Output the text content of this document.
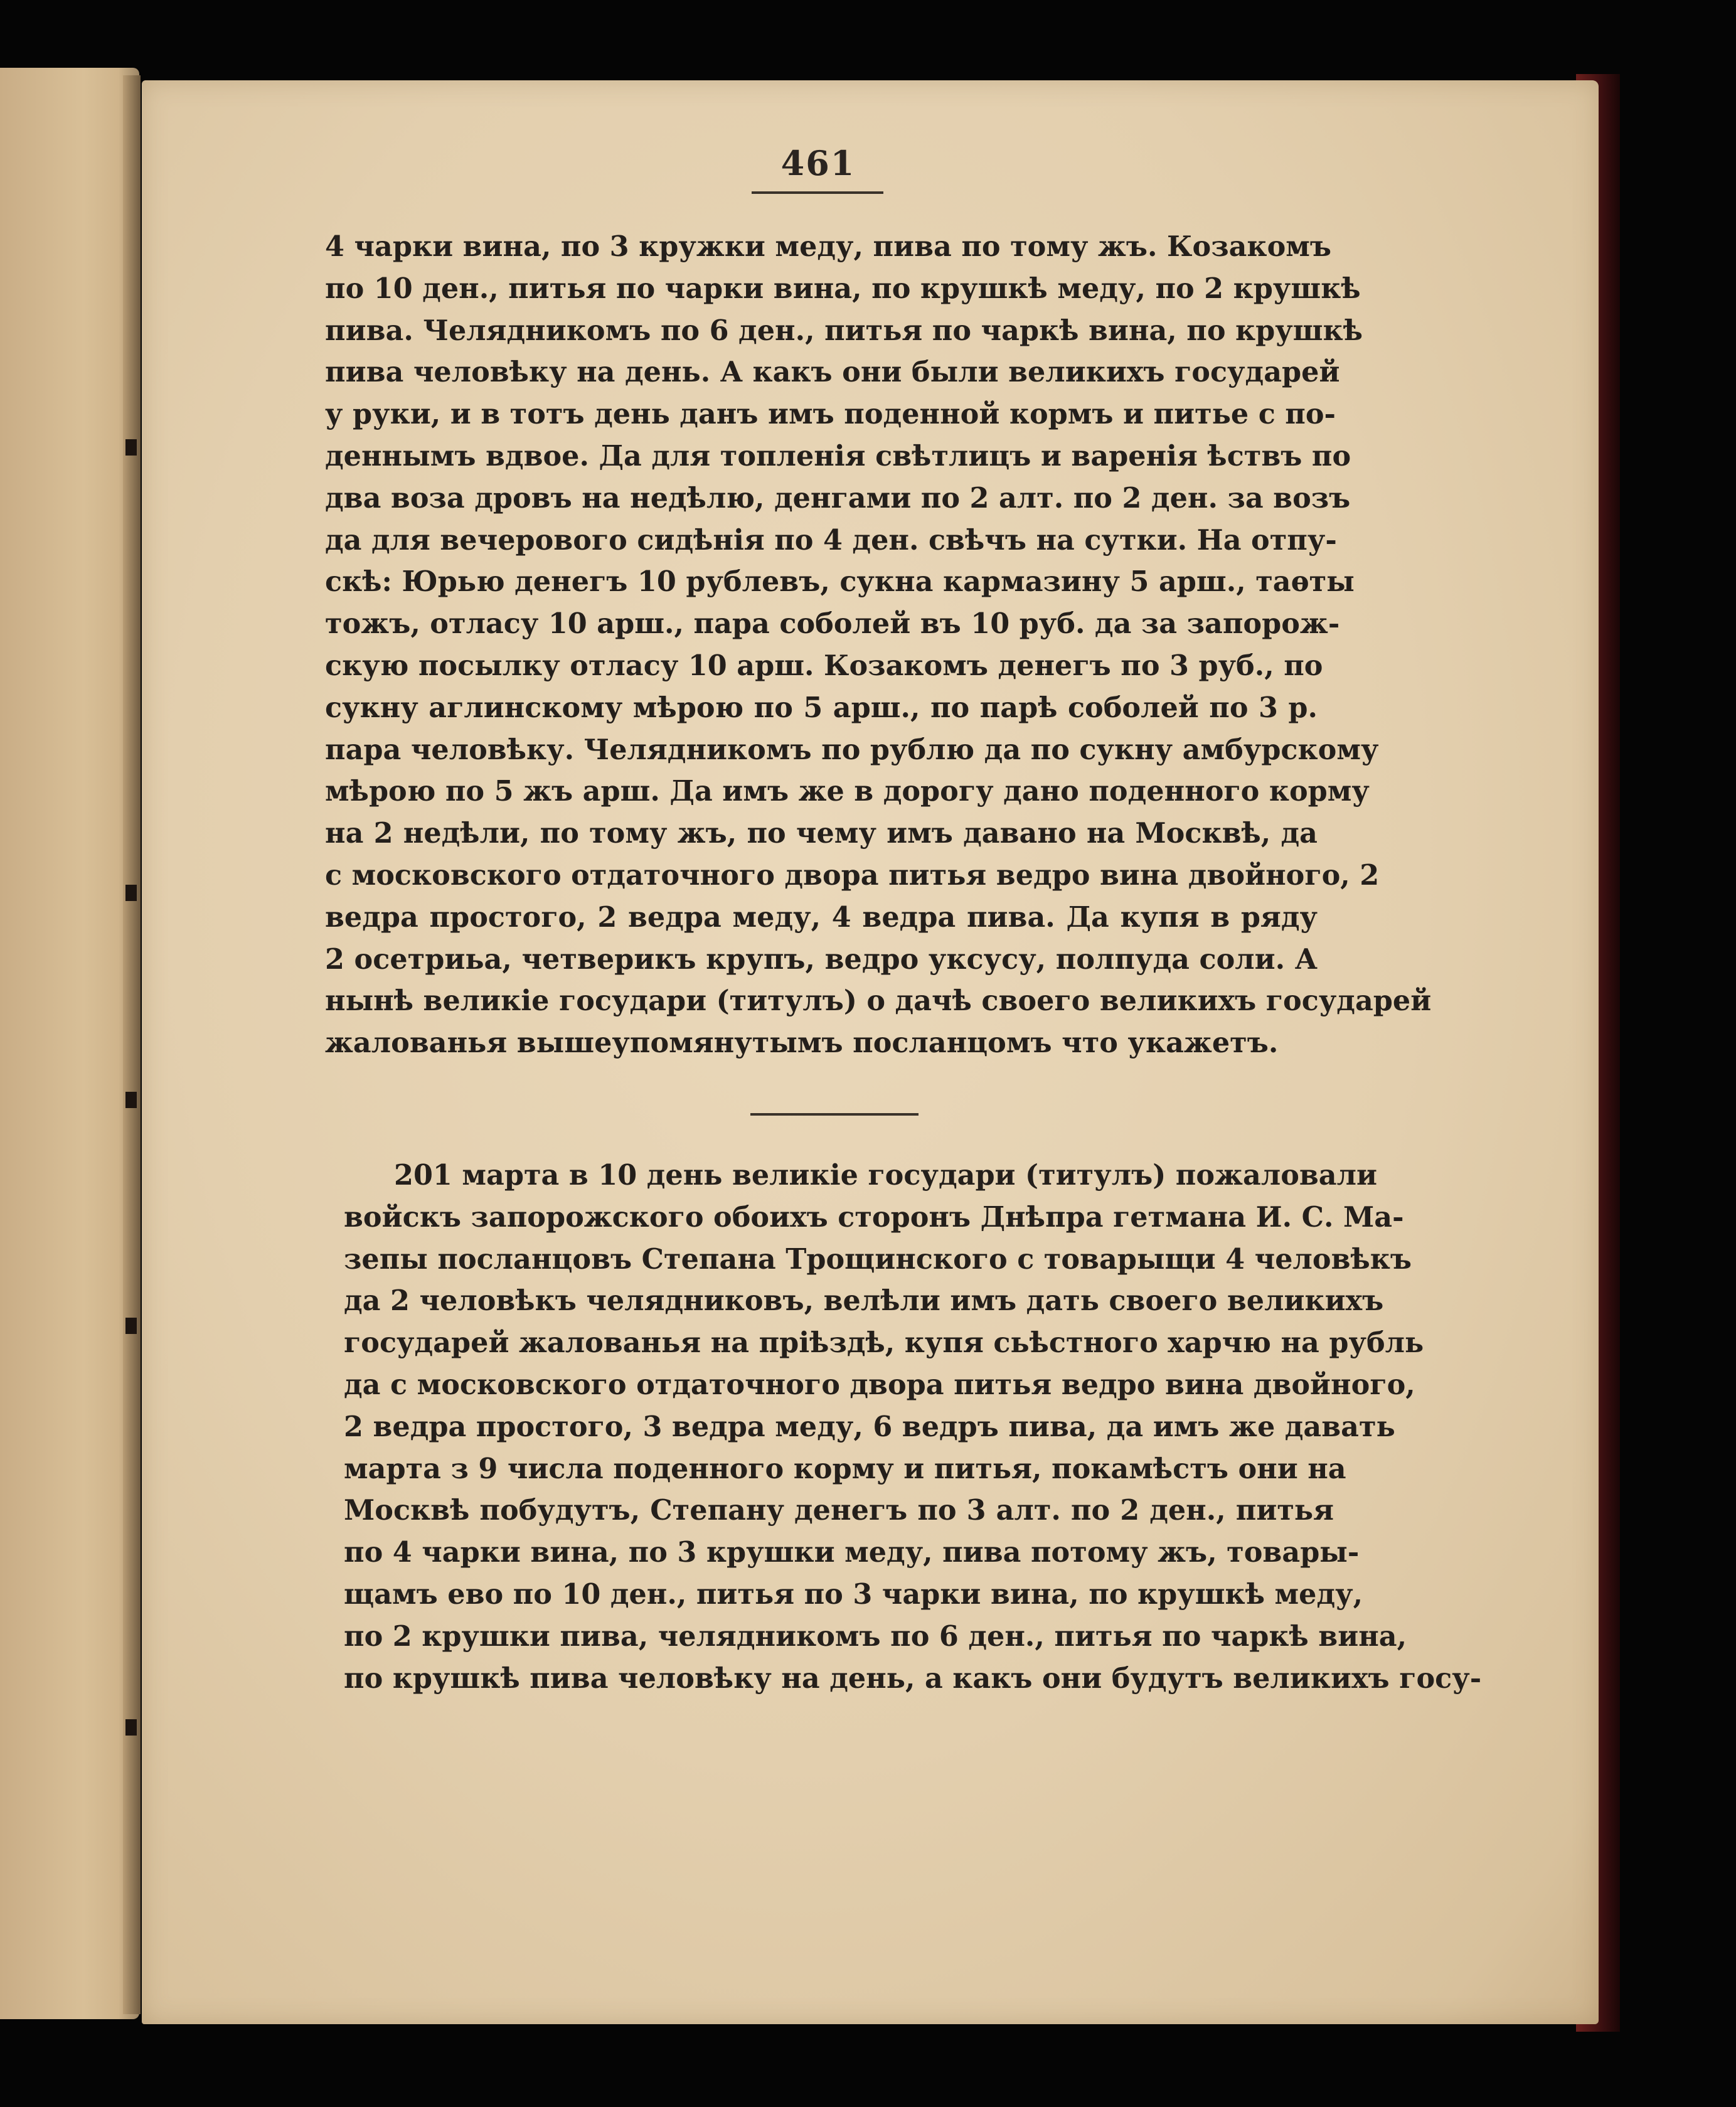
461
4 чарки вина, по 3 кружки меду, пива по тому жъ. Козакомъ
по 10 ден., питья по чарки вина, по крушкѣ меду, по 2 крушкѣ
пива. Челядникомъ по 6 ден., питья по чаркѣ вина, по крушкѣ
пива человѣку на день. А какъ они были великихъ государей
у руки, и в тотъ день данъ имъ поденной кормъ и питье с по-
деннымъ вдвое. Да для топленія свѣтлицъ и варенія ѣствъ по
два воза дровъ на недѣлю, денгами по 2 алт. по 2 ден. за возъ
да для вечерового сидѣнія по 4 ден. свѣчъ на сутки. На отпу-
скѣ: Юрью денегъ 10 рублевъ, сукна кармазину 5 арш., таѳты
тожъ, отласу 10 арш., пара соболей въ 10 руб. да за запорож-
скую посылку отласу 10 арш. Козакомъ денегъ по 3 руб., по
сукну аглинскому мѣрою по 5 арш., по парѣ соболей по 3 р.
пара человѣку. Челядникомъ по рублю да по сукну амбурскому
мѣрою по 5 жъ арш. Да имъ же в дорогу дано поденного корму
на 2 недѣли, по тому жъ, по чему имъ давано на Москвѣ, да
с московского отдаточного двора питья ведро вина двойного, 2
ведра простого, 2 ведра меду, 4 ведра пива. Да купя в ряду
2 осетриьа, четверикъ крупъ, ведро уксусу, полпуда соли. А
нынѣ великіе государи (титулъ) о дачѣ своего великихъ государей
жалованья вышеупомянутымъ посланцомъ что укажетъ.
201 марта в 10 день великіе государи (титулъ) пожаловали
войскъ запорожского обоихъ сторонъ Днѣпра гетмана И. С. Ма-
зепы посланцовъ Степана Трощинского с товарыщи 4 человѣкъ
да 2 человѣкъ челядниковъ, велѣли имъ дать своего великихъ
государей жалованья на пріѣздѣ, купя сьѣстного харчю на рубль
да с московского отдаточного двора питья ведро вина двойного,
2 ведра простого, 3 ведра меду, 6 ведръ пива, да имъ же давать
марта з 9 числа поденного корму и питья, покамѣстъ они на
Москвѣ побудутъ, Степану денегъ по 3 алт. по 2 ден., питья
по 4 чарки вина, по 3 крушки меду, пива потому жъ, товары-
щамъ ево по 10 ден., питья по 3 чарки вина, по крушкѣ меду,
по 2 крушки пива, челядникомъ по 6 ден., питья по чаркѣ вина,
по крушкѣ пива человѣку на день, а какъ они будутъ великихъ госу-
